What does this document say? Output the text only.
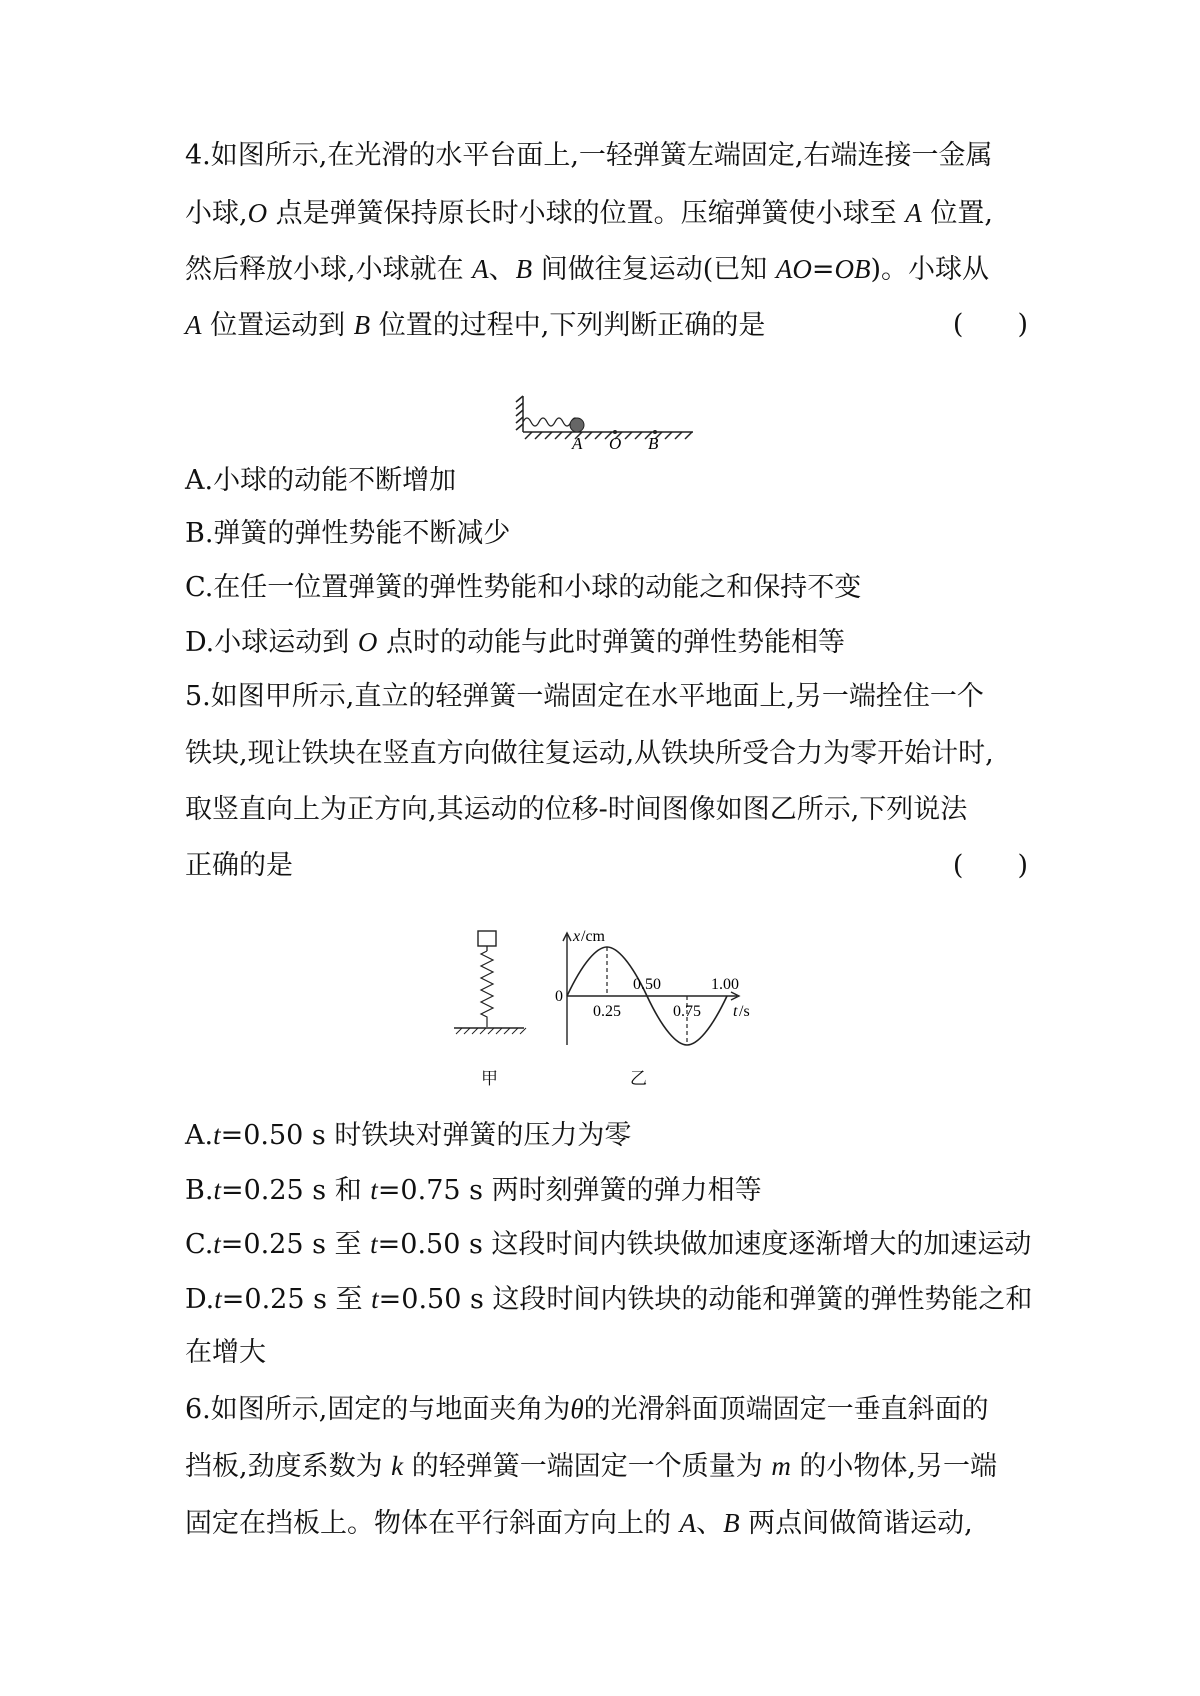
4.如图所示,在光滑的水平台面上,一轻弹簧左端固定,右端连接一金属
小球,O 点是弹簧保持原长时小球的位置。压缩弹簧使小球至 A 位置,
然后释放小球,小球就在 A、B 间做往复运动(已知 AO=OB)。小球从
A 位置运动到 B 位置的过程中,下列判断正确的是	(　　)
A O B
A.小球的动能不断增加
B.弹簧的弹性势能不断减少
C.在任一位置弹簧的弹性势能和小球的动能之和保持不变
D.小球运动到 O 点时的动能与此时弹簧的弹性势能相等
5.如图甲所示,直立的轻弹簧一端固定在水平地面上,另一端拴住一个
铁块,现让铁块在竖直方向做往复运动,从铁块所受合力为零开始计时,
取竖直向上为正方向,其运动的位移-时间图像如图乙所示,下列说法
正确的是	(　　)
甲
x /cm
0
0.25
0.50
0.75
1.00
t /s
乙
A.t=0.50 s 时铁块对弹簧的压力为零
B.t=0.25 s 和 t=0.75 s 两时刻弹簧的弹力相等
C.t=0.25 s 至 t=0.50 s 这段时间内铁块做加速度逐渐增大的加速运动
D.t=0.25 s 至 t=0.50 s 这段时间内铁块的动能和弹簧的弹性势能之和
在增大
6.如图所示,固定的与地面夹角为θ的光滑斜面顶端固定一垂直斜面的
挡板,劲度系数为 k 的轻弹簧一端固定一个质量为 m 的小物体,另一端
固定在挡板上。物体在平行斜面方向上的 A、B 两点间做简谐运动,
